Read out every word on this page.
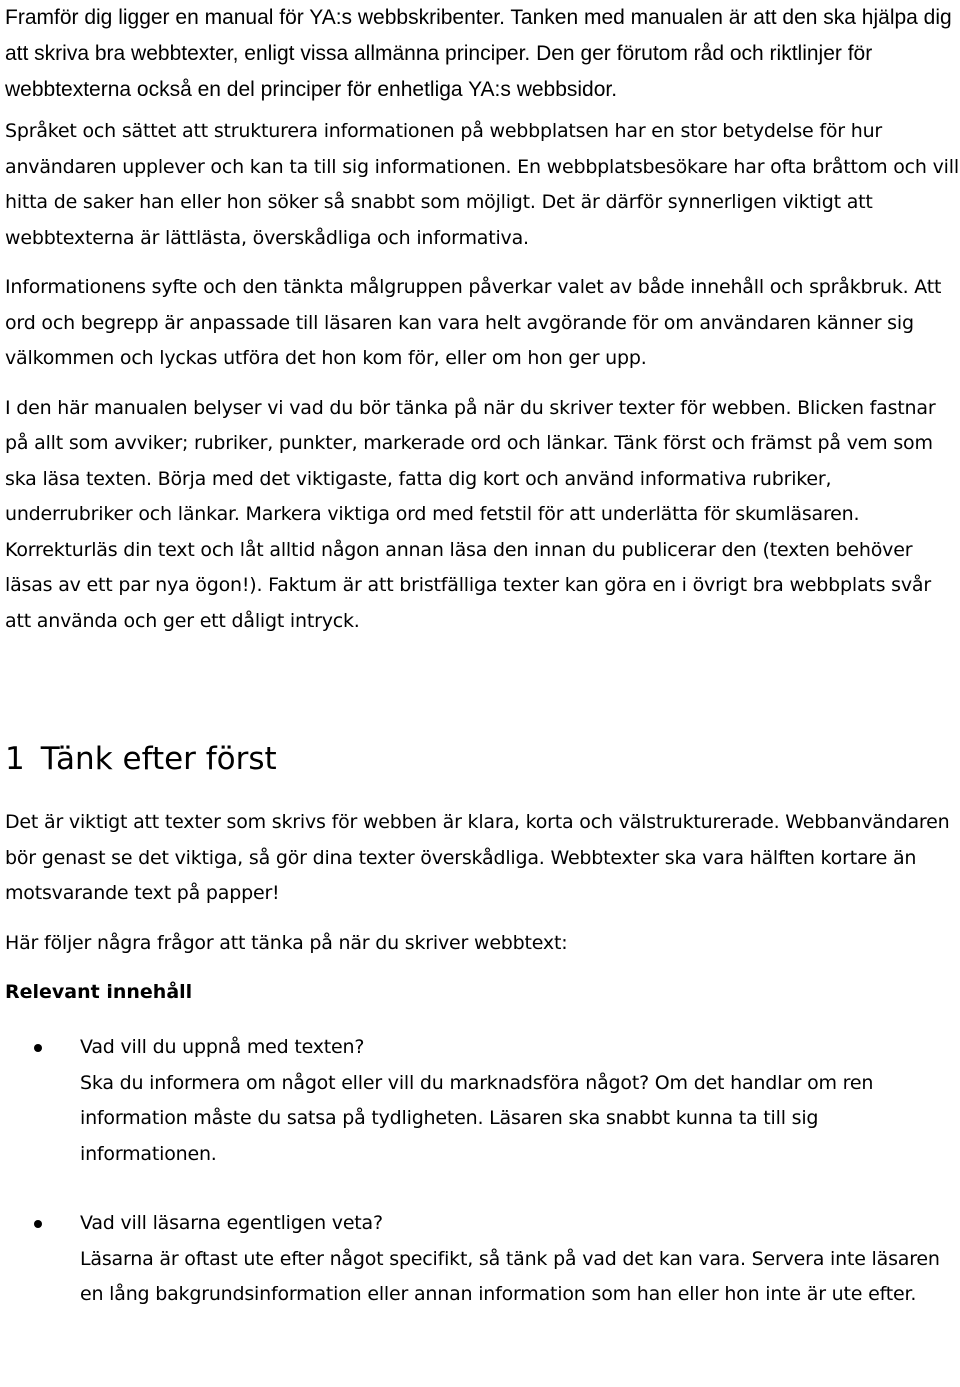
Framför dig ligger en manual för YA:s webbskribenter. Tanken med manualen är att den ska hjälpa dig att skriva bra webbtexter, enligt vissa allmänna principer. Den ger förutom råd och riktlinjer för webbtexterna också en del principer för enhetliga YA:s webbsidor.

Språket och sättet att strukturera informationen på webbplatsen har en stor betydelse för hur användaren upplever och kan ta till sig informationen. En webbplatsbesökare har ofta bråttom och vill hitta de saker han eller hon söker så snabbt som möjligt. Det är därför synnerligen viktigt att webbtexterna är lättlästa, överskådliga och informativa.

Informationens syfte och den tänkta målgruppen påverkar valet av både innehåll och språkbruk. Att ord och begrepp är anpassade till läsaren kan vara helt avgörande för om användaren känner sig välkommen och lyckas utföra det hon kom för, eller om hon ger upp.

I den här manualen belyser vi vad du bör tänka på när du skriver texter för webben. Blicken fastnar på allt som avviker; rubriker, punkter, markerade ord och länkar. Tänk först och främst på vem som ska läsa texten. Börja med det viktigaste, fatta dig kort och använd informativa rubriker, underrubriker och länkar. Markera viktiga ord med fetstil för att underlätta för skumläsaren. Korrekturläs din text och låt alltid någon annan läsa den innan du publicerar den (texten behöver läsas av ett par nya ögon!). Faktum är att bristfälliga texter kan göra en i övrigt bra webbplats svår att använda och ger ett dåligt intryck.

1 Tänk efter först

Det är viktigt att texter som skrivs för webben är klara, korta och välstrukturerade. Webbanvändaren bör genast se det viktiga, så gör dina texter överskådliga. Webbtexter ska vara hälften kortare än motsvarande text på papper!

Här följer några frågor att tänka på när du skriver webbtext:

Relevant innehåll

Vad vill du uppnå med texten?

Ska du informera om något eller vill du marknadsföra något? Om det handlar om ren information måste du satsa på tydligheten. Läsaren ska snabbt kunna ta till sig informationen.

Vad vill läsarna egentligen veta?

Läsarna är oftast ute efter något specifikt, så tänk på vad det kan vara. Servera inte läsaren en lång bakgrundsinformation eller annan information som han eller hon inte är ute efter.
